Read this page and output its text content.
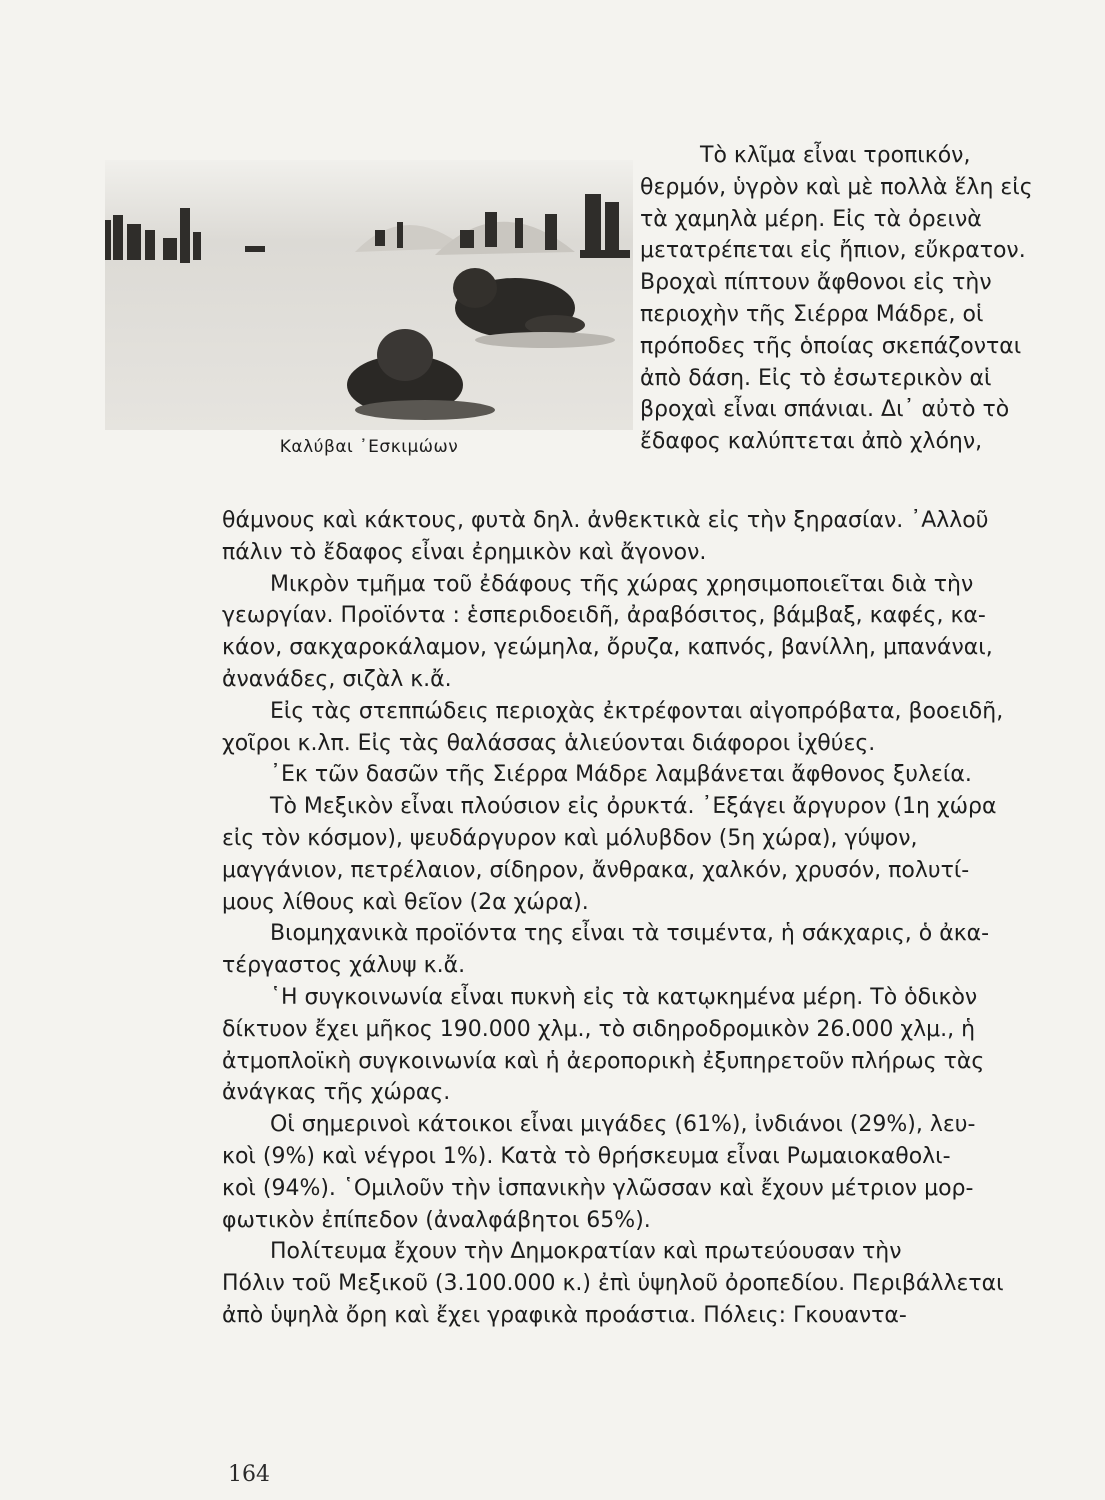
Καλύβαι ᾿Εσκιμώων
Τὸ κλῖμα εἶναι τροπικόν,
θερμόν, ὑγρὸν καὶ μὲ πολλὰ ἕλη εἰς
τὰ χαμηλὰ μέρη. Εἰς τὰ ὀρεινὰ
μετατρέπεται εἰς ἤπιον, εὔκρατον.
Βροχαὶ πίπτουν ἄφθονοι εἰς τὴν
περιοχὴν τῆς Σιέρρα Μάδρε, οἱ
πρόποδες τῆς ὁποίας σκεπάζονται
ἀπὸ δάση. Εἰς τὸ ἐσωτερικὸν αἱ
βροχαὶ εἶναι σπάνιαι. Δι᾿ αὐτὸ τὸ
ἔδαφος καλύπτεται ἀπὸ χλόην,
θάμνους καὶ κάκτους, φυτὰ δηλ. ἀνθεκτικὰ εἰς τὴν ξηρασίαν. ᾿Αλλοῦ
πάλιν τὸ ἔδαφος εἶναι ἐρημικὸν καὶ ἄγονον.
Μικρὸν τμῆμα τοῦ ἐδάφους τῆς χώρας χρησιμοποιεῖται διὰ τὴν
γεωργίαν. Προϊόντα : ἑσπεριδοειδῆ, ἀραβόσιτος, βάμβαξ, καφές, κα-
κάον, σακχαροκάλαμον, γεώμηλα, ὄρυζα, καπνός, βανίλλη, μπανάναι,
ἀνανάδες, σιζὰλ κ.ἄ.
Εἰς τὰς στεππώδεις περιοχὰς ἐκτρέφονται αἰγοπρόβατα, βοοειδῆ,
χοῖροι κ.λπ. Εἰς τὰς θαλάσσας ἁλιεύονται διάφοροι ἰχθύες.
᾿Εκ τῶν δασῶν τῆς Σιέρρα Μάδρε λαμβάνεται ἄφθονος ξυλεία.
Τὸ Μεξικὸν εἶναι πλούσιον εἰς ὀρυκτά. ᾿Εξάγει ἄργυρον (1η χώρα
εἰς τὸν κόσμον), ψευδάργυρον καὶ μόλυβδον (5η χώρα), γύψον,
μαγγάνιον, πετρέλαιον, σίδηρον, ἄνθρακα, χαλκόν, χρυσόν, πολυτί-
μους λίθους καὶ θεῖον (2α χώρα).
Βιομηχανικὰ προϊόντα της εἶναι τὰ τσιμέντα, ἡ σάκχαρις, ὁ ἀκα-
τέργαστος χάλυψ κ.ἄ.
῾Η συγκοινωνία εἶναι πυκνὴ εἰς τὰ κατῳκημένα μέρη. Τὸ ὁδικὸν
δίκτυον ἔχει μῆκος 190.000 χλμ., τὸ σιδηροδρομικὸν 26.000 χλμ., ἡ
ἀτμοπλοϊκὴ συγκοινωνία καὶ ἡ ἀεροπορικὴ ἐξυπηρετοῦν πλήρως τὰς
ἀνάγκας τῆς χώρας.
Οἱ σημερινοὶ κάτοικοι εἶναι μιγάδες (61%), ἰνδιάνοι (29%), λευ-
κοὶ (9%) καὶ νέγροι 1%). Κατὰ τὸ θρήσκευμα εἶναι Ρωμαιοκαθολι-
κοὶ (94%). ῾Ομιλοῦν τὴν ἱσπανικὴν γλῶσσαν καὶ ἔχουν μέτριον μορ-
φωτικὸν ἐπίπεδον (ἀναλφάβητοι 65%).
Πολίτευμα ἔχουν τὴν Δημοκρατίαν καὶ πρωτεύουσαν τὴν
Πόλιν τοῦ Μεξικοῦ (3.100.000 κ.) ἐπὶ ὑψηλοῦ ὀροπεδίου. Περιβάλλεται
ἀπὸ ὑψηλὰ ὄρη καὶ ἔχει γραφικὰ προάστια. Πόλεις: Γκουαντα-
164
